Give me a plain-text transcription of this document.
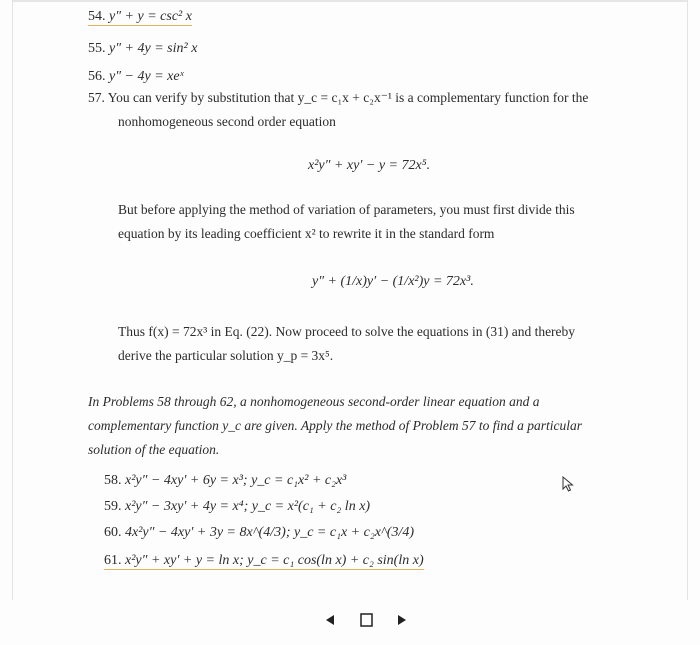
54. y″ + y = csc² x
55. y″ + 4y = sin² x
56. y″ − 4y = xeˣ
57. You can verify by substitution that y_c = c₁x + c₂x⁻¹ is a complementary function for the
nonhomogeneous second order equation
x²y″ + xy′ − y = 72x⁵.
But before applying the method of variation of parameters, you must first divide this
equation by its leading coefficient x² to rewrite it in the standard form
y″ + (1/x)y′ − (1/x²)y = 72x³.
Thus f(x) = 72x³ in Eq. (22). Now proceed to solve the equations in (31) and thereby
derive the particular solution y_p = 3x⁵.
In Problems 58 through 62, a nonhomogeneous second-order linear equation and a
complementary function y_c are given. Apply the method of Problem 57 to find a particular
solution of the equation.
58. x²y″ − 4xy′ + 6y = x³; y_c = c₁x² + c₂x³
59. x²y″ − 3xy′ + 4y = x⁴; y_c = x²(c₁ + c₂ ln x)
60. 4x²y″ − 4xy′ + 3y = 8x^(4/3); y_c = c₁x + c₂x^(3/4)
61. x²y″ + xy′ + y = ln x; y_c = c₁ cos(ln x) + c₂ sin(ln x)
